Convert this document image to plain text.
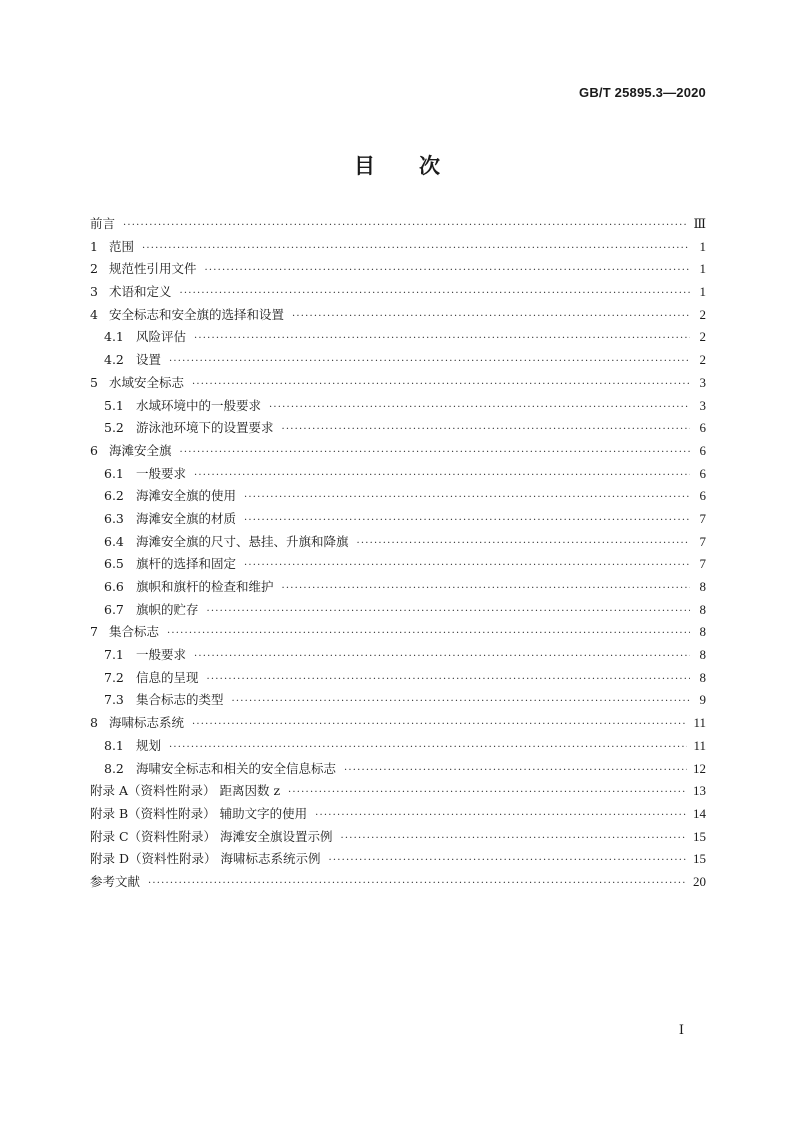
GB/T 25895.3—2020
目次
前言 ·····	Ⅲ
1 范围 ·····	1
2 规范性引用文件 ·····	1
3 术语和定义 ·····	1
4 安全标志和安全旗的选择和设置 ·····	2
4.1 风险评估 ·····	2
4.2 设置 ·····	2
5 水域安全标志 ·····	3
5.1 水域环境中的一般要求 ·····	3
5.2 游泳池环境下的设置要求 ·····	6
6 海滩安全旗 ·····	6
6.1 一般要求 ·····	6
6.2 海滩安全旗的使用 ·····	6
6.3 海滩安全旗的材质 ·····	7
6.4 海滩安全旗的尺寸、悬挂、升旗和降旗 ·····	7
6.5 旗杆的选择和固定 ·····	7
6.6 旗帜和旗杆的检查和维护 ·····	8
6.7 旗帜的贮存 ·····	8
7 集合标志 ·····	8
7.1 一般要求 ·····	8
7.2 信息的呈现 ·····	8
7.3 集合标志的类型 ·····	9
8 海啸标志系统 ·····	11
8.1 规划 ·····	11
8.2 海啸安全标志和相关的安全信息标志 ·····	12
附录 A（资料性附录） 距离因数 z ·····	13
附录 B（资料性附录） 辅助文字的使用 ·····	14
附录 C（资料性附录） 海滩安全旗设置示例 ·····	15
附录 D（资料性附录） 海啸标志系统示例 ·····	15
参考文献 ·····	20
Ⅰ
